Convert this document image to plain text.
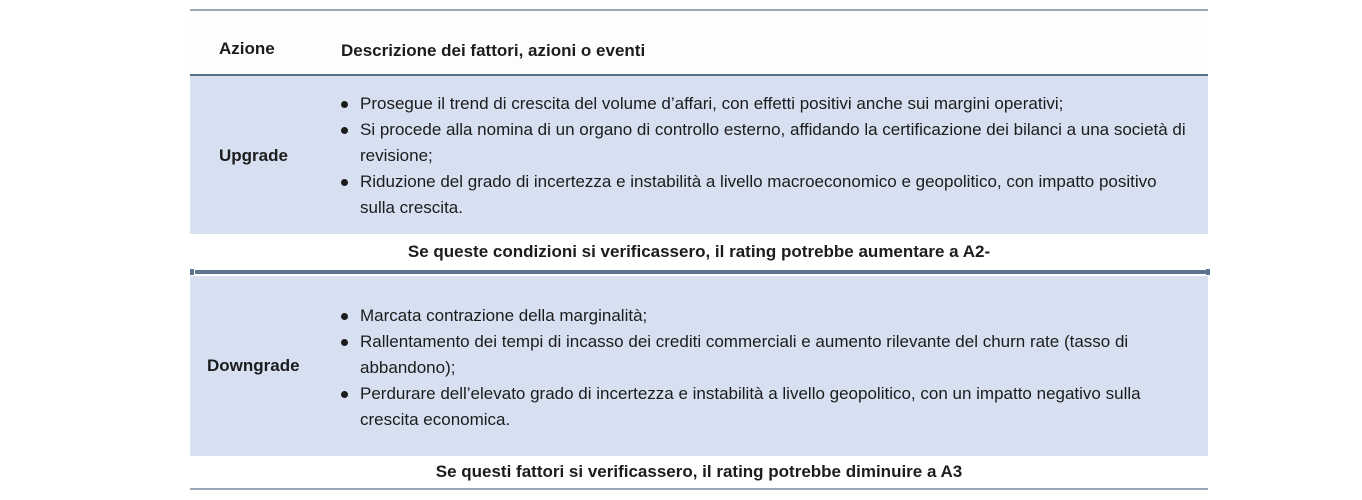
Azione	Descrizione dei fattori, azioni o eventi
Upgrade
Prosegue il trend di crescita del volume d’affari, con effetti positivi anche sui margini operativi;
Si procede alla nomina di un organo di controllo esterno, affidando la certificazione dei bilanci a una società di revisione;
Riduzione del grado di incertezza e instabilità a livello macroeconomico e geopolitico, con impatto positivo sulla crescita.
Se queste condizioni si verificassero, il rating potrebbe aumentare a A2-
Downgrade
Marcata contrazione della marginalità;
Rallentamento dei tempi di incasso dei crediti commerciali e aumento rilevante del churn rate (tasso di abbandono);
Perdurare dell’elevato grado di incertezza e instabilità a livello geopolitico, con un impatto negativo sulla crescita economica.
Se questi fattori si verificassero, il rating potrebbe diminuire a A3
